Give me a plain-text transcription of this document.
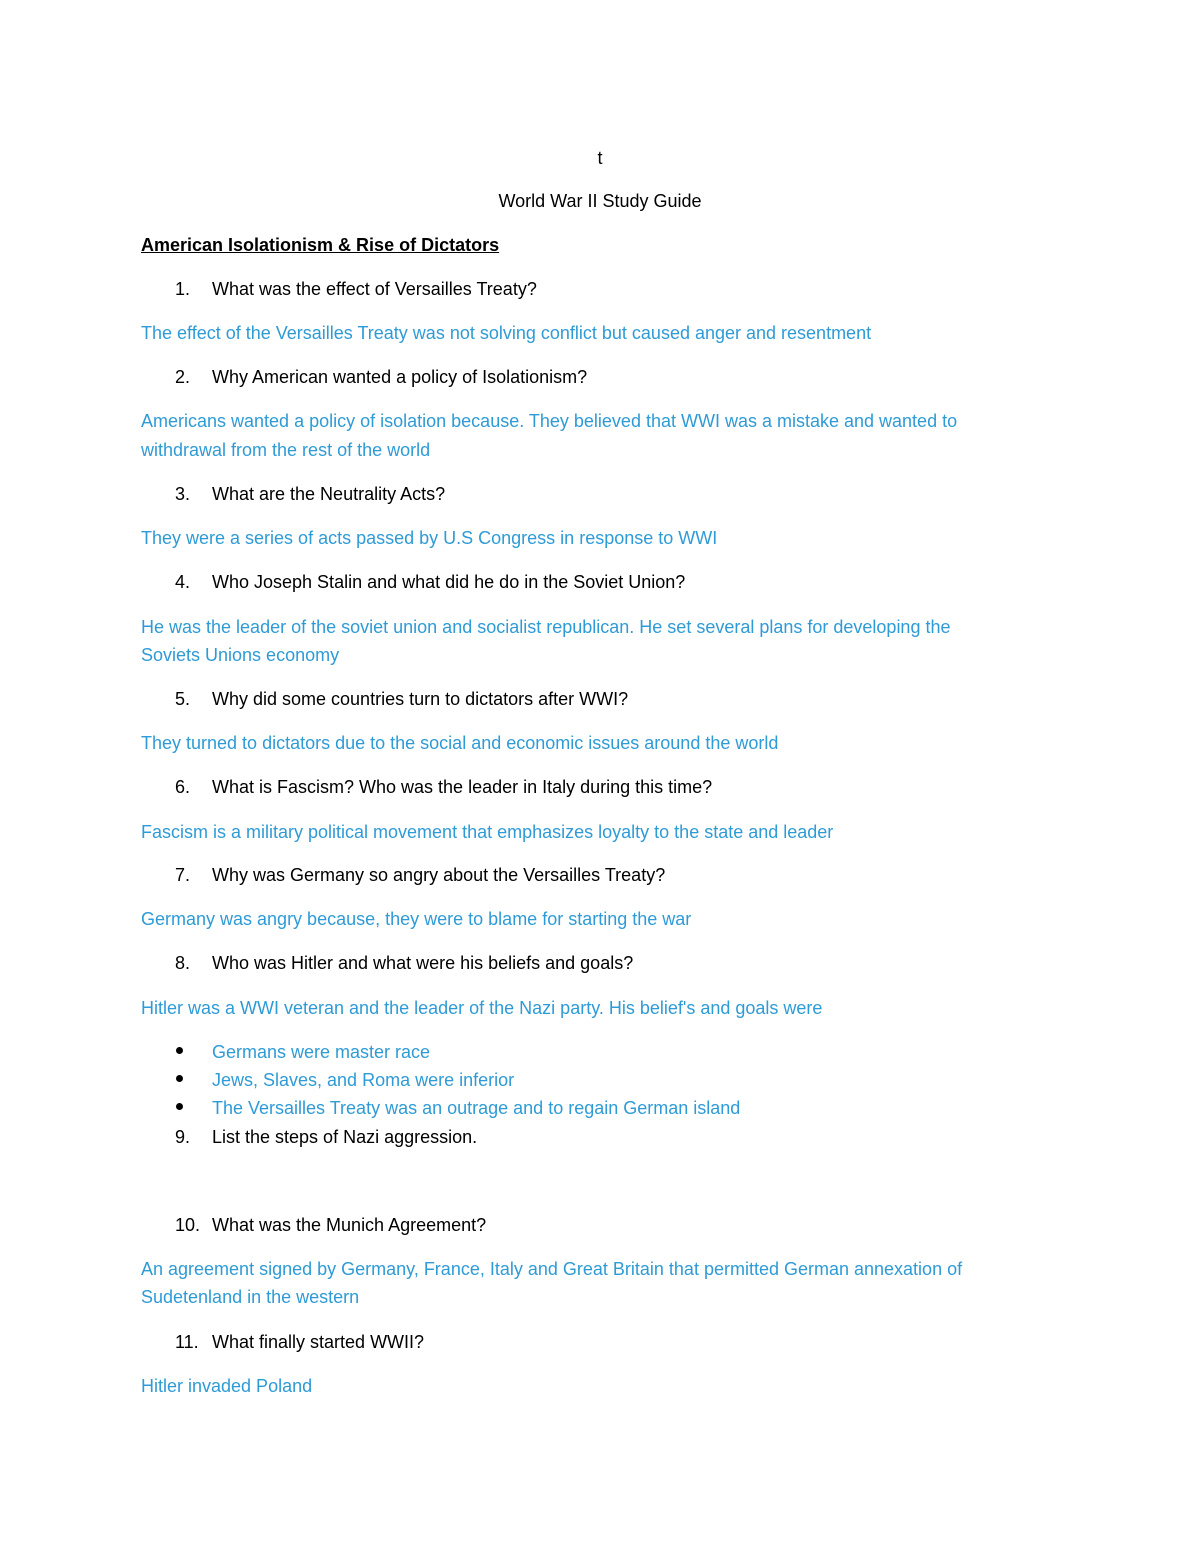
t
World War II Study Guide
American Isolationism & Rise of Dictators
1. What was the effect of Versailles Treaty?
The effect of the Versailles Treaty was not solving conflict but caused anger and resentment
2. Why American wanted a policy of Isolationism?
Americans wanted a policy of isolation because. They believed that WWI was a mistake and wanted to
withdrawal from the rest of the world
3. What are the Neutrality Acts?
They were a series of acts passed by U.S Congress in response to WWI
4. Who Joseph Stalin and what did he do in the Soviet Union?
He was the leader of the soviet union and socialist republican. He set several plans for developing the
Soviets Unions economy
5. Why did some countries turn to dictators after WWI?
They turned to dictators due to the social and economic issues around the world
6. What is Fascism? Who was the leader in Italy during this time?
Fascism is a military political movement that emphasizes loyalty to the state and leader
7. Why was Germany so angry about the Versailles Treaty?
Germany was angry because, they were to blame for starting the war
8. Who was Hitler and what were his beliefs and goals?
Hitler was a WWI veteran and the leader of the Nazi party. His belief's and goals were
Germans were master race
Jews, Slaves, and Roma were inferior
The Versailles Treaty was an outrage and to regain German island
9. List the steps of Nazi aggression.
10. What was the Munich Agreement?
An agreement signed by Germany, France, Italy and Great Britain that permitted German annexation of
Sudetenland in the western
11. What finally started WWII?
Hitler invaded Poland
